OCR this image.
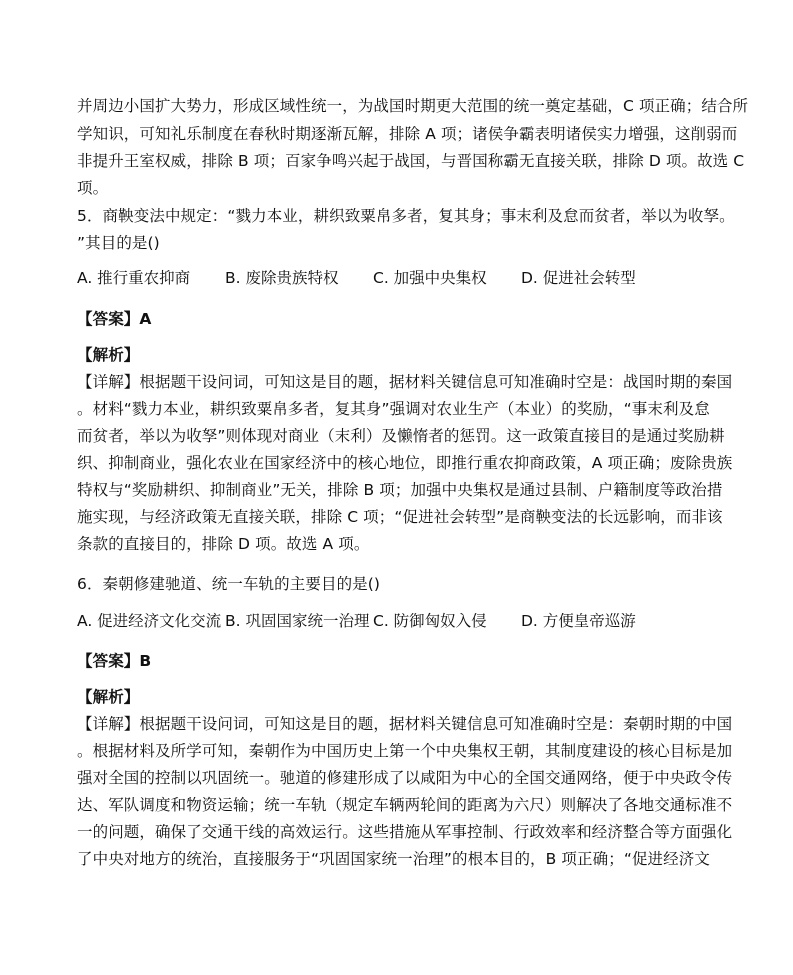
并周边小国扩大势力，形成区域性统一，为战国时期更大范围的统一奠定基础，C 项正确；结合所
学知识，可知礼乐制度在春秋时期逐渐瓦解，排除 A 项；诸侯争霸表明诸侯实力增强，这削弱而
非提升王室权威，排除 B 项；百家争鸣兴起于战国，与晋国称霸无直接关联，排除 D 项。故选 C
项。
5．商鞅变法中规定：“戮力本业，耕织致粟帛多者，复其身；事末利及怠而贫者，举以为收孥。
”其目的是()
A. 推行重农抑商 B. 废除贵族特权 C. 加强中央集权 D. 促进社会转型
【答案】A
【解析】
【详解】根据题干设问词，可知这是目的题，据材料关键信息可知准确时空是：战国时期的秦国
。材料“戮力本业，耕织致粟帛多者，复其身”强调对农业生产（本业）的奖励，“事末利及怠
而贫者，举以为收孥”则体现对商业（末利）及懒惰者的惩罚。这一政策直接目的是通过奖励耕
织、抑制商业，强化农业在国家经济中的核心地位，即推行重农抑商政策，A 项正确；废除贵族
特权与“奖励耕织、抑制商业”无关，排除 B 项；加强中央集权是通过县制、户籍制度等政治措
施实现，与经济政策无直接关联，排除 C 项；“促进社会转型”是商鞅变法的长远影响，而非该
条款的直接目的，排除 D 项。故选 A 项。
6．秦朝修建驰道、统一车轨的主要目的是()
A. 促进经济文化交流 B. 巩固国家统一治理 C. 防御匈奴入侵 D. 方便皇帝巡游
【答案】B
【解析】
【详解】根据题干设问词，可知这是目的题，据材料关键信息可知准确时空是：秦朝时期的中国
。根据材料及所学可知，秦朝作为中国历史上第一个中央集权王朝，其制度建设的核心目标是加
强对全国的控制以巩固统一。驰道的修建形成了以咸阳为中心的全国交通网络，便于中央政令传
达、军队调度和物资运输；统一车轨（规定车辆两轮间的距离为六尺）则解决了各地交通标准不
一的问题，确保了交通干线的高效运行。这些措施从军事控制、行政效率和经济整合等方面强化
了中央对地方的统治，直接服务于“巩固国家统一治理”的根本目的，B 项正确；“促进经济文
